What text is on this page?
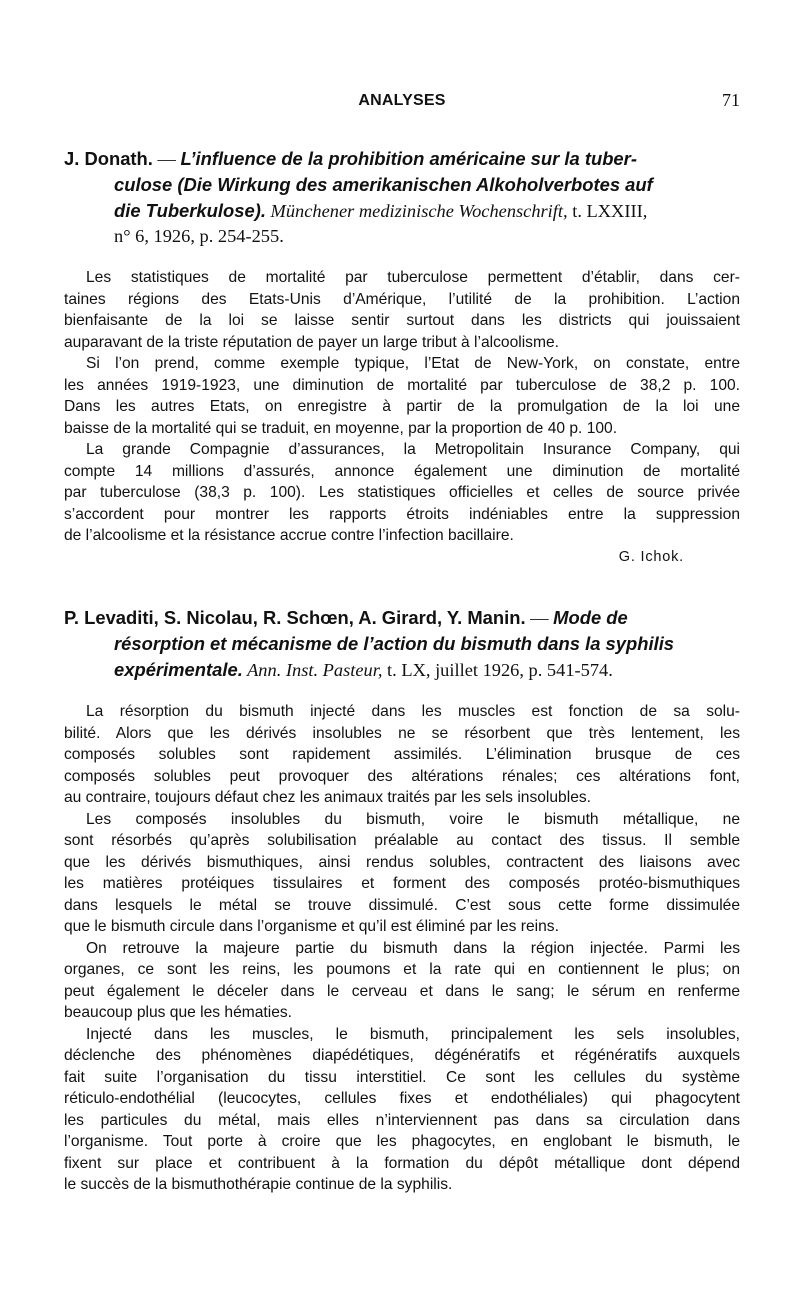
ANALYSES	71

J. Donath. — L’influence de la prohibition américaine sur la tuber-
culose (Die Wirkung des amerikanischen Alkoholverbotes auf
die Tuberkulose). Münchener medizinische Wochenschrift, t. LXXIII,
n° 6, 1926, p. 254-255.

Les statistiques de mortalité par tuberculose permettent d’établir, dans cer-
taines régions des Etats-Unis d’Amérique, l’utilité de la prohibition. L’action
bienfaisante de la loi se laisse sentir surtout dans les districts qui jouissaient
auparavant de la triste réputation de payer un large tribut à l’alcoolisme.

Si l’on prend, comme exemple typique, l’Etat de New-York, on constate, entre
les années 1919-1923, une diminution de mortalité par tuberculose de 38,2 p. 100.
Dans les autres Etats, on enregistre à partir de la promulgation de la loi une
baisse de la mortalité qui se traduit, en moyenne, par la proportion de 40 p. 100.

La grande Compagnie d’assurances, la Metropolitain Insurance Company, qui
compte 14 millions d’assurés, annonce également une diminution de mortalité
par tuberculose (38,3 p. 100). Les statistiques officielles et celles de source privée
s’accordent pour montrer les rapports étroits indéniables entre la suppression
de l’alcoolisme et la résistance accrue contre l’infection bacillaire.

G. Ichok.

P. Levaditi, S. Nicolau, R. Schœn, A. Girard, Y. Manin. — Mode de
résorption et mécanisme de l’action du bismuth dans la syphilis
expérimentale. Ann. Inst. Pasteur, t. LX, juillet 1926, p. 541-574.

La résorption du bismuth injecté dans les muscles est fonction de sa solu-
bilité. Alors que les dérivés insolubles ne se résorbent que très lentement, les
composés solubles sont rapidement assimilés. L’élimination brusque de ces
composés solubles peut provoquer des altérations rénales; ces altérations font,
au contraire, toujours défaut chez les animaux traités par les sels insolubles.

Les composés insolubles du bismuth, voire le bismuth métallique, ne
sont résorbés qu’après solubilisation préalable au contact des tissus. Il semble
que les dérivés bismuthiques, ainsi rendus solubles, contractent des liaisons avec
les matières protéiques tissulaires et forment des composés protéo-bismuthiques
dans lesquels le métal se trouve dissimulé. C’est sous cette forme dissimulée
que le bismuth circule dans l’organisme et qu’il est éliminé par les reins.

On retrouve la majeure partie du bismuth dans la région injectée. Parmi les
organes, ce sont les reins, les poumons et la rate qui en contiennent le plus; on
peut également le déceler dans le cerveau et dans le sang; le sérum en renferme
beaucoup plus que les hématies.

Injecté dans les muscles, le bismuth, principalement les sels insolubles,
déclenche des phénomènes diapédétiques, dégénératifs et régénératifs auxquels
fait suite l’organisation du tissu interstitiel. Ce sont les cellules du système
réticulo-endothélial (leucocytes, cellules fixes et endothéliales) qui phagocytent
les particules du métal, mais elles n’interviennent pas dans sa circulation dans
l’organisme. Tout porte à croire que les phagocytes, en englobant le bismuth, le
fixent sur place et contribuent à la formation du dépôt métallique dont dépend
le succès de la bismuthothérapie continue de la syphilis.
